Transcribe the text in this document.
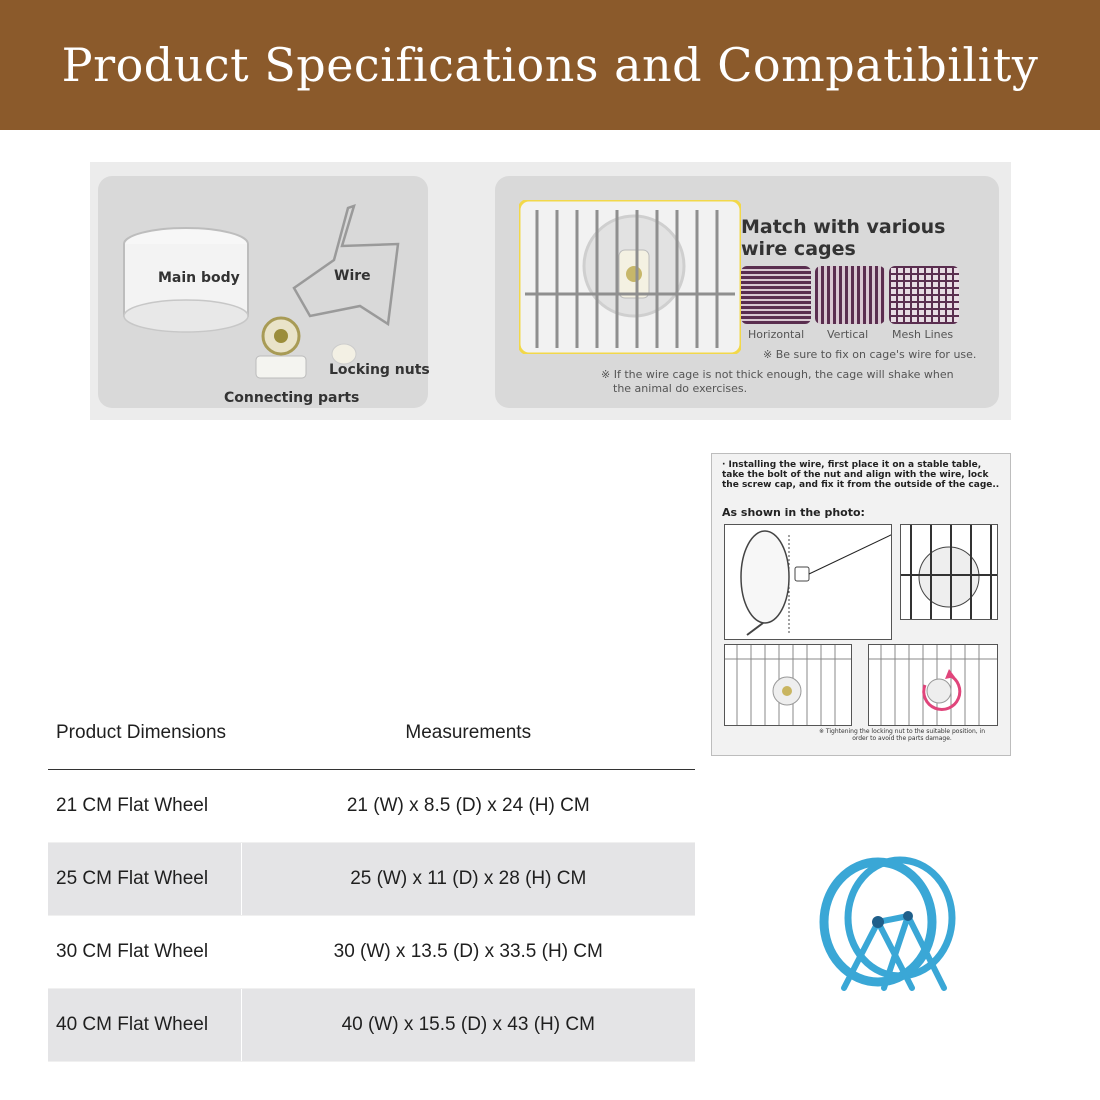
Product Specifications and Compatibility
Main body	Wire
Locking nuts
Connecting parts
Match with various
wire cages
Horizontal Vertical Mesh Lines
※ Be sure to fix on cage's wire for use.
※ If the wire cage is not thick enough, the cage will shake when
the animal do exercises.
· Installing the wire, first place it on a stable table, take the bolt of the nut and align with the wire, lock the screw cap, and fix it from the outside of the cage..
As shown in the photo:
※ Tightening the locking nut to the suitable position, in order to avoid the parts damage.
Product Dimensions	Measurements
21 CM Flat Wheel	21 (W) x 8.5 (D) x 24 (H) CM
25 CM Flat Wheel	25 (W) x 11 (D) x 28 (H) CM
30 CM Flat Wheel	30 (W) x 13.5 (D) x 33.5 (H) CM
40 CM Flat Wheel	40 (W) x 15.5 (D) x 43 (H) CM
